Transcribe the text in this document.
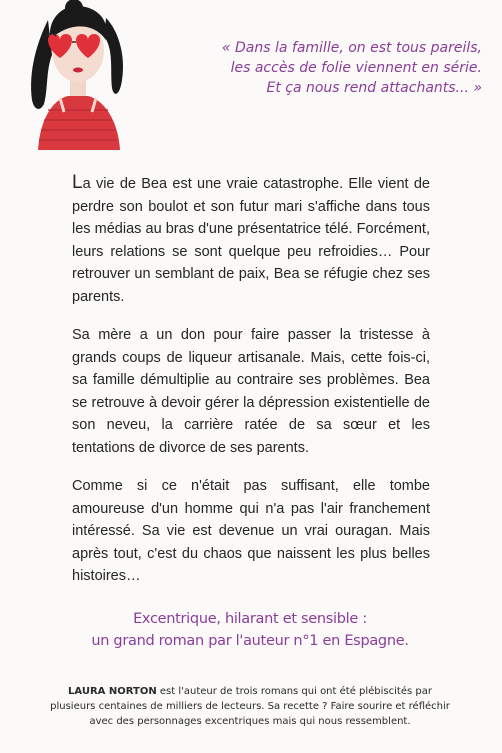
« Dans la famille, on est tous pareils,
les accès de folie viennent en série.
Et ça nous rend attachants... »

La vie de Bea est une vraie catastrophe. Elle vient de perdre son boulot et son futur mari s'affiche dans tous les médias au bras d'une présentatrice télé. Forcément, leurs relations se sont quelque peu refroidies… Pour retrouver un semblant de paix, Bea se réfugie chez ses parents.

Sa mère a un don pour faire passer la tristesse à grands coups de liqueur artisanale. Mais, cette fois-ci, sa famille démultiplie au contraire ses problèmes. Bea se retrouve à devoir gérer la dépression existentielle de son neveu, la carrière ratée de sa sœur et les tentations de divorce de ses parents.

Comme si ce n'était pas suffisant, elle tombe amoureuse d'un homme qui n'a pas l'air franchement intéressé. Sa vie est devenue un vrai ouragan. Mais après tout, c'est du chaos que naissent les plus belles histoires…

Excentrique, hilarant et sensible :
un grand roman par l'auteur n°1 en Espagne.
LAURA NORTON est l'auteur de trois romans qui ont été plébiscités par plusieurs centaines de milliers de lecteurs. Sa recette ? Faire sourire et réfléchir avec des personnages excentriques mais qui nous ressemblent.
